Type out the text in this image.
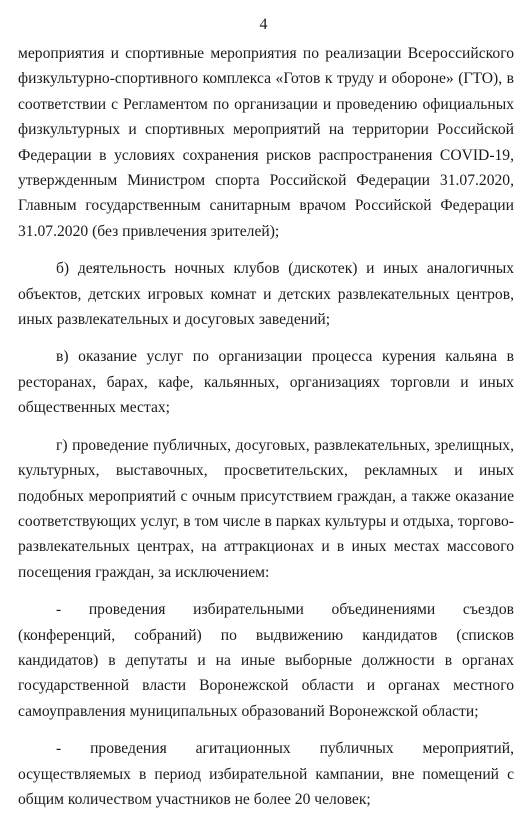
4

мероприятия и спортивные мероприятия по реализации Всероссийского физкультурно-спортивного комплекса «Готов к труду и обороне» (ГТО), в соответствии с Регламентом по организации и проведению официальных физкультурных и спортивных мероприятий на территории Российской Федерации в условиях сохранения рисков распространения COVID-19, утвержденным Министром спорта Российской Федерации 31.07.2020, Главным государственным санитарным врачом Российской Федерации 31.07.2020 (без привлечения зрителей);

б) деятельность ночных клубов (дискотек) и иных аналогичных объектов, детских игровых комнат и детских развлекательных центров, иных развлекательных и досуговых заведений;

в) оказание услуг по организации процесса курения кальяна в ресторанах, барах, кафе, кальянных, организациях торговли и иных общественных местах;

г) проведение публичных, досуговых, развлекательных, зрелищных, культурных, выставочных, просветительских, рекламных и иных подобных мероприятий с очным присутствием граждан, а также оказание соответствующих услуг, в том числе в парках культуры и отдыха, торгово-развлекательных центрах, на аттракционах и в иных местах массового посещения граждан, за исключением:

- проведения избирательными объединениями съездов (конференций, собраний) по выдвижению кандидатов (списков кандидатов) в депутаты и на иные выборные должности в органах государственной власти Воронежской области и органах местного самоуправления муниципальных образований Воронежской области;

- проведения агитационных публичных мероприятий, осуществляемых в период избирательной кампании, вне помещений с общим количеством участников не более 20 человек;
